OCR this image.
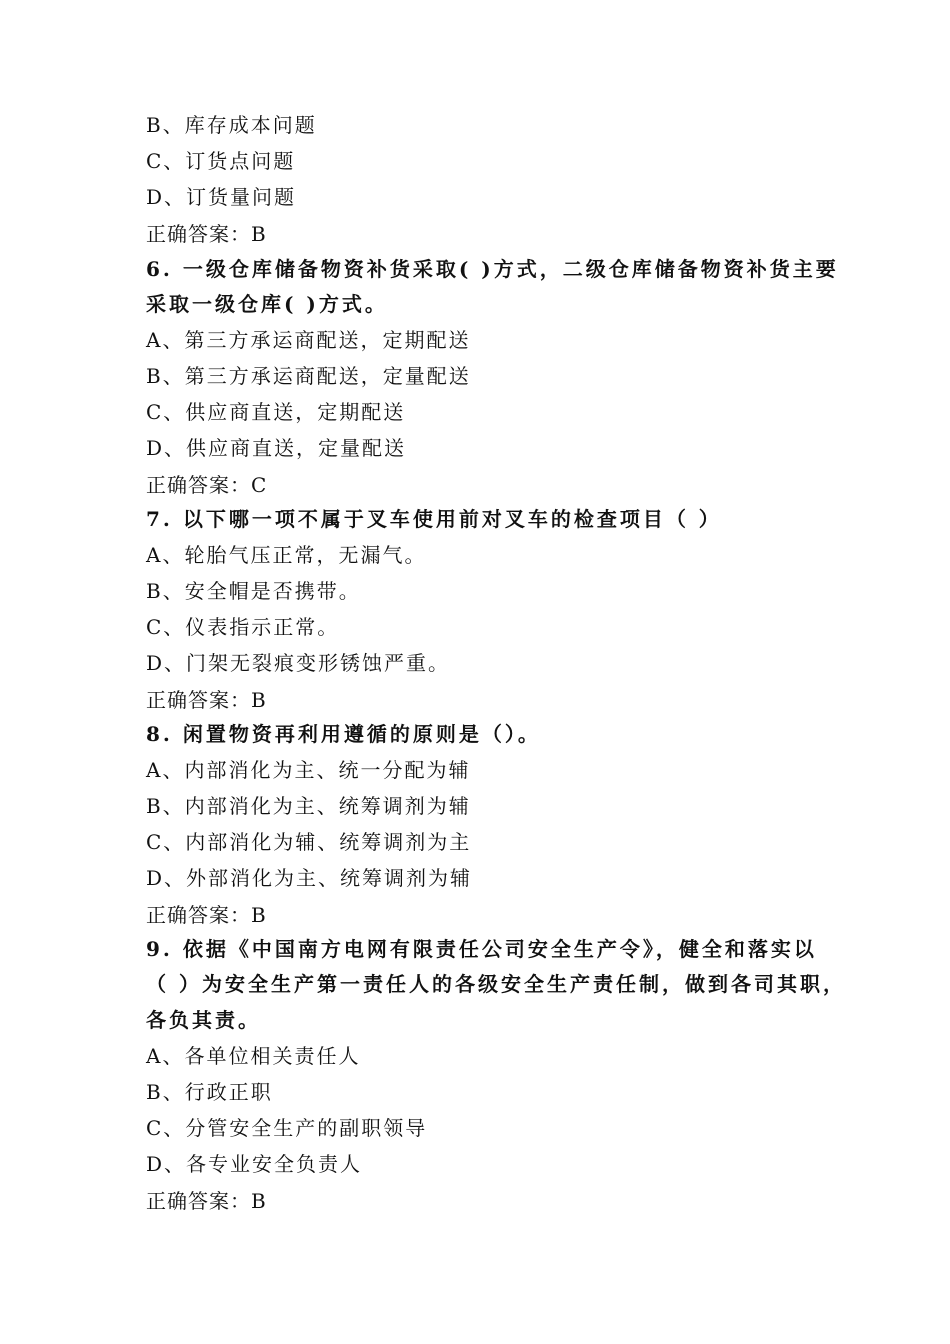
B、库存成本问题

C、订货点问题

D、订货量问题

正确答案：B

6. 一级仓库储备物资补货采取( )方式，二级仓库储备物资补货主要

采取一级仓库( )方式。

A、第三方承运商配送，定期配送

B、第三方承运商配送，定量配送

C、供应商直送，定期配送

D、供应商直送，定量配送

正确答案：C

7. 以下哪一项不属于叉车使用前对叉车的检查项目（ ）

A、轮胎气压正常，无漏气。

B、安全帽是否携带。

C、仪表指示正常。

D、门架无裂痕变形锈蚀严重。

正确答案：B

8. 闲置物资再利用遵循的原则是（）。

A、内部消化为主、统一分配为辅

B、内部消化为主、统筹调剂为辅

C、内部消化为辅、统筹调剂为主

D、外部消化为主、统筹调剂为辅

正确答案：B

9. 依据《中国南方电网有限责任公司安全生产令》，健全和落实以

（ ）为安全生产第一责任人的各级安全生产责任制，做到各司其职，

各负其责。

A、各单位相关责任人

B、行政正职

C、分管安全生产的副职领导

D、各专业安全负责人

正确答案：B
